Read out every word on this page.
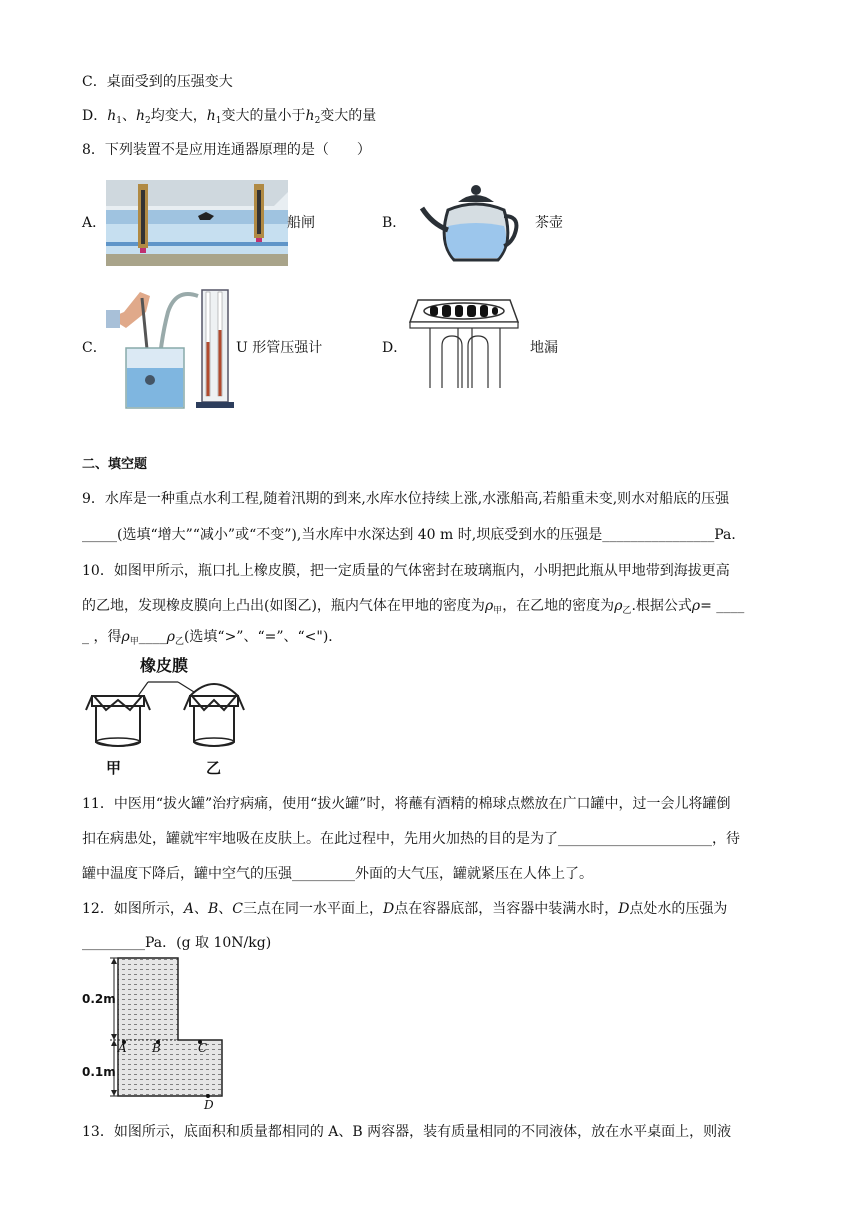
C．桌面受到的压强变大
D．$h_1$、$h_2$均变大，$h_1$变大的量小于$h_2$变大的量
8．下列装置不是应用连通器原理的是（　　）
A．	船闸	B．	茶壶
C．	U 形管压强计	D．	地漏
二、填空题
9．水库是一种重点水利工程,随着汛期的到来,水库水位持续上涨,水涨船高,若船重未变,则水对船底的压强
_____(选填“增大”“减小”或“不变”),当水库中水深达到 40 m 时,坝底受到水的压强是________________Pa．
10．如图甲所示，瓶口扎上橡皮膜，把一定质量的气体密封在玻璃瓶内，小明把此瓶从甲地带到海拔更高
的乙地，发现橡皮膜向上凸出(如图乙)，瓶内气体在甲地的密度为$\rho_甲$，在乙地的密度为$\rho_乙$.根据公式ρ= ____
_ ，得$\rho_甲\_\_\_\_\rho_乙$(选填“>”、“=”、“<")．
橡皮膜
甲	乙
11．中医用“拔火罐”治疗病痛，使用“拔火罐”时，将蘸有酒精的棉球点燃放在广口罐中，过一会儿将罐倒
扣在病患处，罐就牢牢地吸在皮肤上。在此过程中，先用火加热的目的是为了______________________，待
罐中温度下降后，罐中空气的压强_________外面的大气压，罐就紧压在人体上了。
12．如图所示，A、B、C三点在同一水平面上，D点在容器底部，当容器中装满水时，D点处水的压强为
_________Pa．(g 取 10N/kg)
0.2m
0.1m
A B	C
D
13．如图所示，底面积和质量都相同的 A、B 两容器，装有质量相同的不同液体，放在水平桌面上，则液
